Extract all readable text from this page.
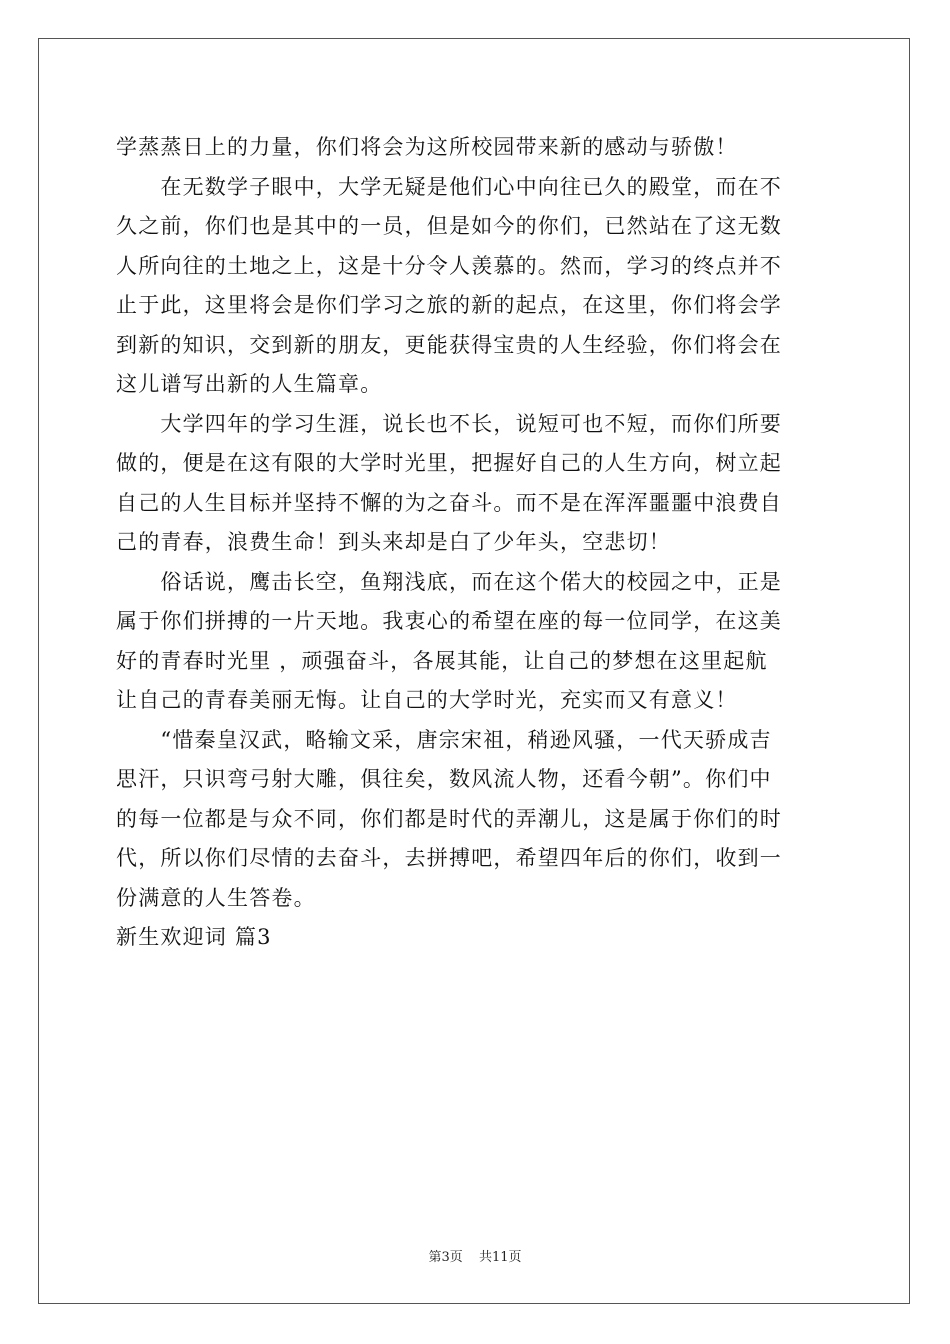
学蒸蒸日上的力量，你们将会为这所校园带来新的感动与骄傲！
　　在无数学子眼中，大学无疑是他们心中向往已久的殿堂，而在不
久之前，你们也是其中的一员，但是如今的你们，已然站在了这无数
人所向往的土地之上，这是十分令人羡慕的。然而，学习的终点并不
止于此，这里将会是你们学习之旅的新的起点，在这里，你们将会学
到新的知识，交到新的朋友，更能获得宝贵的人生经验，你们将会在
这儿谱写出新的人生篇章。
　　大学四年的学习生涯，说长也不长，说短可也不短，而你们所要
做的，便是在这有限的大学时光里，把握好自己的人生方向，树立起
自己的人生目标并坚持不懈的为之奋斗。而不是在浑浑噩噩中浪费自
己的青春，浪费生命！到头来却是白了少年头，空悲切！
　　俗话说，鹰击长空，鱼翔浅底，而在这个偌大的校园之中，正是
属于你们拼搏的一片天地。我衷心的希望在座的每一位同学，在这美
好的青春时光里 ，顽强奋斗，各展其能，让自己的梦想在这里起航
让自己的青春美丽无悔。让自己的大学时光，充实而又有意义！
　　“惜秦皇汉武，略输文采，唐宗宋祖，稍逊风骚，一代天骄成吉
思汗，只识弯弓射大雕，俱往矣，数风流人物，还看今朝”。你们中
的每一位都是与众不同，你们都是时代的弄潮儿，这是属于你们的时
代，所以你们尽情的去奋斗，去拼搏吧，希望四年后的你们，收到一
份满意的人生答卷。
新生欢迎词 篇3
第3页 共11页
